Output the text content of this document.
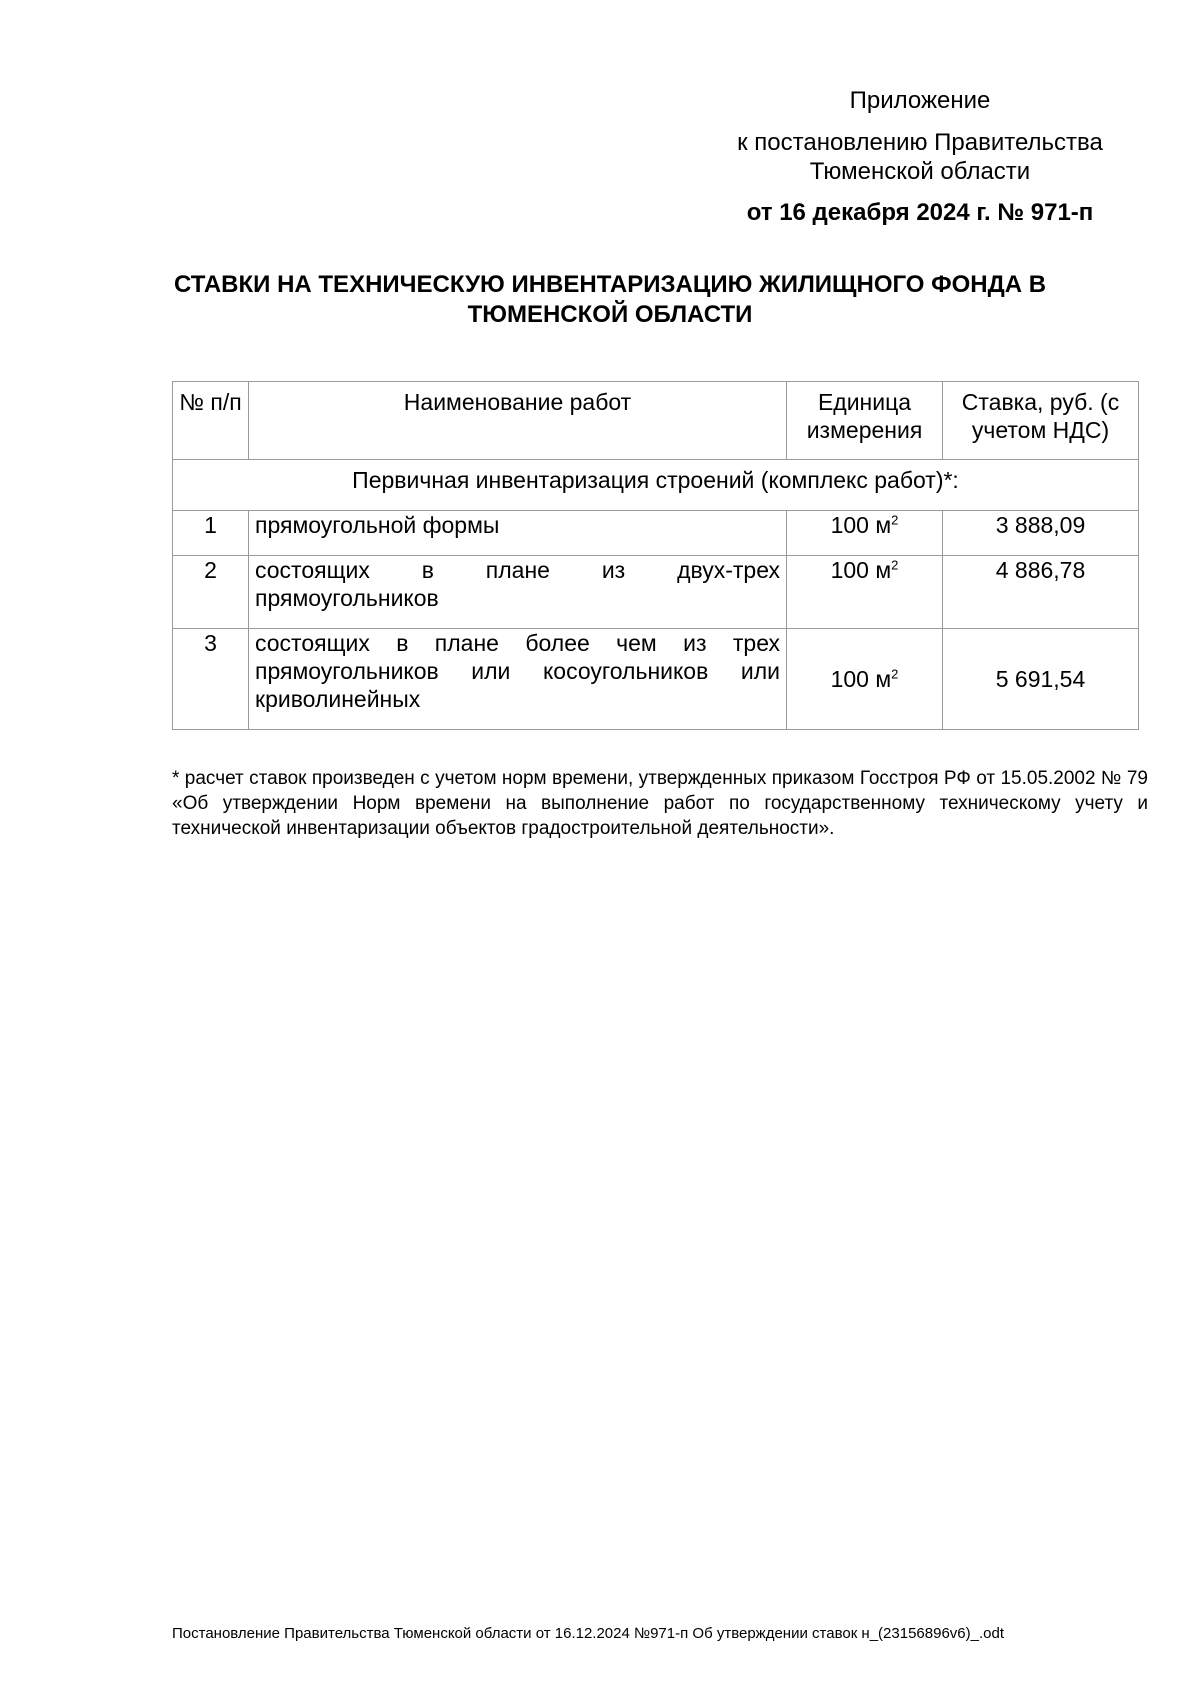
Приложение
к постановлению Правительства Тюменской области
от 16 декабря 2024 г. № 971-п
СТАВКИ НА ТЕХНИЧЕСКУЮ ИНВЕНТАРИЗАЦИЮ ЖИЛИЩНОГО ФОНДА В ТЮМЕНСКОЙ ОБЛАСТИ
№ п/п	Наименование работ	Единица измерения	Ставка, руб. (с учетом НДС)
Первичная инвентаризация строений (комплекс работ)*:			
1	прямоугольной формы	100 $м^2$	3 888,09
2	состоящих в плане из двух-трех прямоугольников	100 $м^2$	4 886,78
3	состоящих в плане более чем из трех прямоугольников или косоугольников или криволинейных	100 $м^2$	5 691,54
* расчет ставок произведен с учетом норм времени, утвержденных приказом Госстроя РФ от 15.05.2002 № 79 «Об утверждении Норм времени на выполнение работ по государственному техническому учету и технической инвентаризации объектов градостроительной деятельности».
Постановление Правительства Тюменской области от 16.12.2024 №971-п Об утверждении ставок н_(23156896v6)_.odt
